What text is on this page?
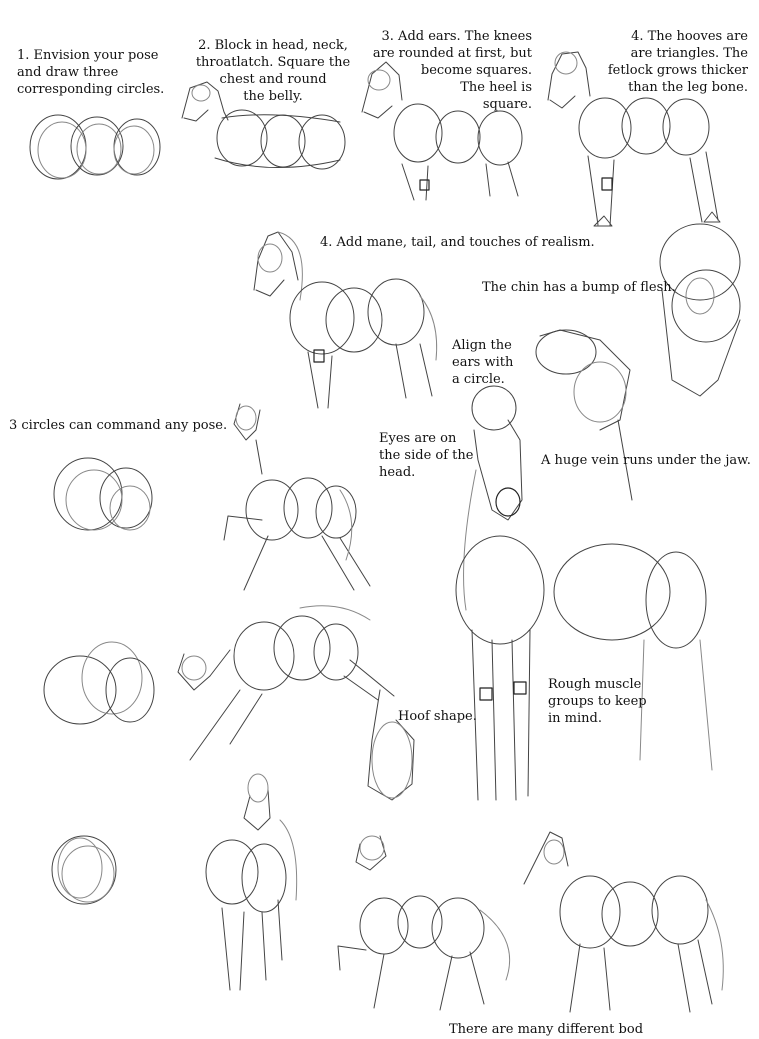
1. Envision your pose
and draw three
corresponding circles.
2. Block in head, neck,
throatlatch. Square the
chest and round
the belly.
3. Add ears. The knees
are rounded at first, but
become squares.
The heel is
square.
4. The hooves are
are triangles. The
fetlock grows thicker
than the leg bone.
4. Add mane, tail, and touches of realism.
The chin has a bump of flesh.
Align the
ears with
a circle.
3 circles can command any pose.
Eyes are on
the side of the
head.
A huge vein runs under the jaw.
Hoof shape.
Rough muscle
groups to keep
in mind.
There are many different bod
